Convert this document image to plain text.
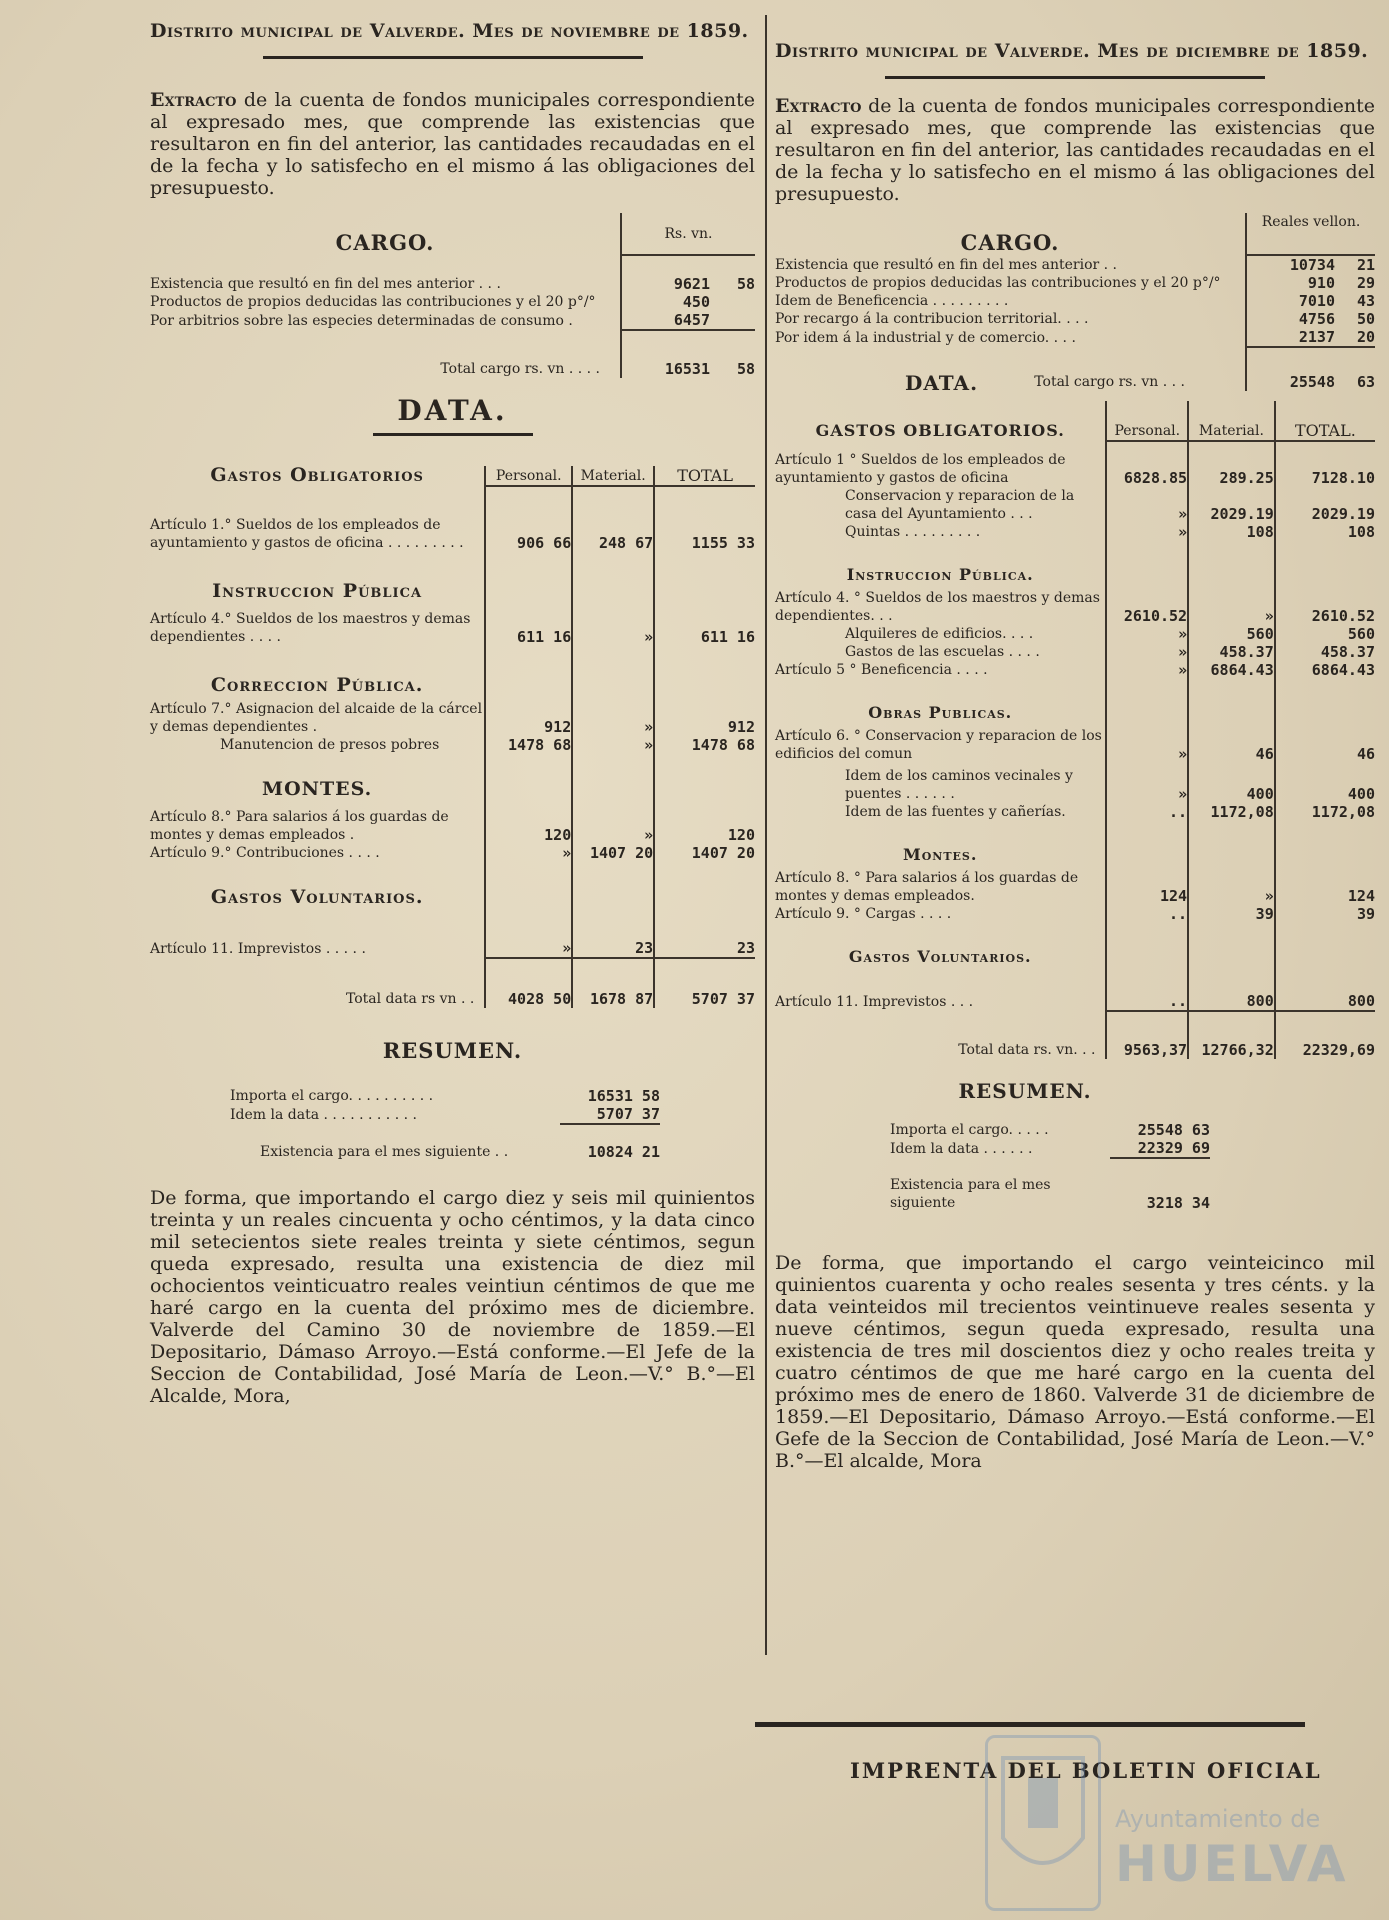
Distrito municipal de Valverde. Mes de noviembre de 1859.
Extracto de la cuenta de fondos municipales correspondiente al expresado mes, que comprende las existencias que resultaron en fin del anterior, las cantidades recaudadas en el de la fecha y lo satisfecho en el mismo á las obligaciones del presupuesto.
CARGO.	Rs. vn.	

Existencia que resultó en fin del mes anterior . . .	9621	58
Productos de propios deducidas las contribuciones y el 20 p°/°	450	
Por arbitrios sobre las especies determinadas de consumo .	6457	
Total cargo rs. vn . . . .	16531	58
DATA.
Gastos Obligatorios	Personal.	Material.	TOTAL

Artículo 1.° Sueldos de los empleados de ayuntamiento y gastos de oficina . . . . . . . . .	906 66	248 67	1155 33
Instruccion Pública			
Artículo 4.° Sueldos de los maestros y demas dependientes . . . .	611 16	»	611 16
Correccion Pública.			
Artículo 7.° Asignacion del alcaide de la cárcel y demas dependientes .	912	»	912
Manutencion de presos pobres	1478 68	»	1478 68
MONTES.			
Artículo 8.° Para salarios á los guardas de montes y demas empleados .	120	»	120
Artículo 9.° Contribuciones . . . .	»	1407 20	1407 20
Gastos Voluntarios.			
Artículo 11. Imprevistos . . . . .	»	23	23
Total data rs vn . .	4028 50	1678 87	5707 37
RESUMEN.
Importa el cargo. . . . . . . . . .	16531 58
Idem la data . . . . . . . . . . .	5707 37
Existencia para el mes siguiente . .	10824 21
De forma, que importando el cargo diez y seis mil quinientos treinta y un reales cincuenta y ocho céntimos, y la data cinco mil setecientos siete reales treinta y siete céntimos, segun queda expresado, resulta una existencia de diez mil ochocientos veinticuatro reales veintiun céntimos de que me haré cargo en la cuenta del próximo mes de diciembre. Valverde del Camino 30 de noviembre de 1859.—El Depositario, Dámaso Arroyo.—Está conforme.—El Jefe de la Seccion de Contabilidad, José María de Leon.—V.° B.°—El Alcalde, Mora,
Distrito municipal de Valverde. Mes de diciembre de 1859.
Extracto de la cuenta de fondos municipales correspondiente al expresado mes, que comprende las existencias que resultaron en fin del anterior, las cantidades recaudadas en el de la fecha y lo satisfecho en el mismo á las obligaciones del presupuesto.
CARGO.	Reales vellon.	
Existencia que resultó en fin del mes anterior . .	10734	21
Productos de propios deducidas las contribuciones y el 20 p°/°	910	29
Idem de Beneficencia . . . . . . . . .	7010	43
Por recargo á la contribucion territorial. . . .	4756	50
Por idem á la industrial y de comercio. . . .	2137	20
Total cargo rs. vn . . .	25548	63
DATA.
GASTOS OBLIGATORIOS.	Personal.	Material.	TOTAL.

Artículo 1 ° Sueldos de los empleados de ayuntamiento y gastos de oficina	6828.85	289.25	7128.10
Conservacion y reparacion de la casa del Ayuntamiento . . .	»	2029.19	2029.19
Quintas . . . . . . . . .	»	108	108
Instruccion Pública.			
Artículo 4. ° Sueldos de los maestros y demas dependientes. . .	2610.52	»	2610.52
Alquileres de edificios. . . .	»	560	560
Gastos de las escuelas . . . .	»	458.37	458.37
Artículo 5 ° Beneficencia . . . .	»	6864.43	6864.43
Obras Publicas.			
Artículo 6. ° Conservacion y reparacion de los edificios del comun	»	46	46
Idem de los caminos vecinales y puentes . . . . . .	»	400	400
Idem de las fuentes y cañerías.	..	1172,08	1172,08
Montes.			
Artículo 8. ° Para salarios á los guardas de montes y demas empleados.	124	»	124
Artículo 9. ° Cargas . . . .	..	39	39
Gastos Voluntarios.			
Artículo 11. Imprevistos . . .	..	800	800
Total data rs. vn. . .	9563,37	12766,32	22329,69
RESUMEN.
Importa el cargo. . . . .	25548 63
Idem la data . . . . . .	22329 69
Existencia para el mes siguiente	3218 34
De forma, que importando el cargo veinteicinco mil quinientos cuarenta y ocho reales sesenta y tres cénts. y la data veinteidos mil trecientos veintinueve reales sesenta y nueve céntimos, segun queda expresado, resulta una existencia de tres mil doscientos diez y ocho reales treita y cuatro céntimos de que me haré cargo en la cuenta del próximo mes de enero de 1860. Valverde 31 de diciembre de 1859.—El Depositario, Dámaso Arroyo.—Está conforme.—El Gefe de la Seccion de Contabilidad, José María de Leon.—V.° B.°—El alcalde, Mora
IMPRENTA DEL BOLETIN OFICIAL
Ayuntamiento de
HUELVA
